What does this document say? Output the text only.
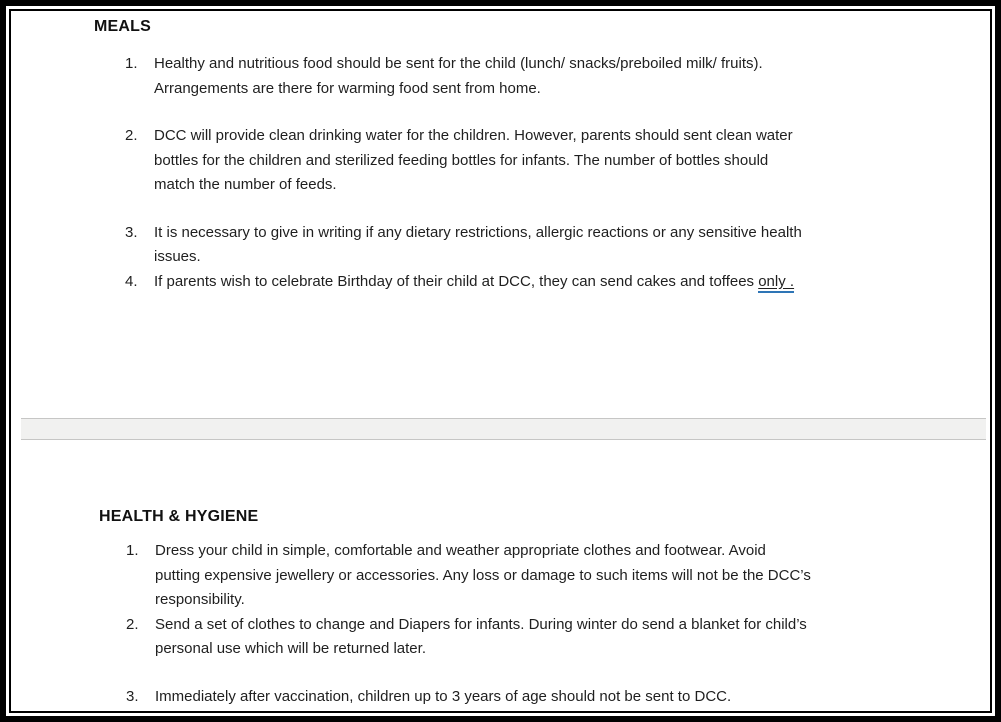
MEALS
1.	Healthy and nutritious food should be sent for the child (lunch/ snacks/preboiled milk/ fruits).
Arrangements are there for warming food sent from home.
2.	DCC will provide clean drinking water for the children. However, parents should sent clean water
bottles for the children and sterilized feeding bottles for infants. The number of bottles should
match the number of feeds.
3.	It is necessary to give in writing if any dietary restrictions, allergic reactions or any sensitive health
issues.
4.	If parents wish to celebrate Birthday of their child at DCC, they can send cakes and toffees only .
HEALTH & HYGIENE
1.	Dress your child in simple, comfortable and weather appropriate clothes and footwear. Avoid
putting expensive jewellery or accessories. Any loss or damage to such items will not be the DCC’s
responsibility.
2.	Send a set of clothes to change and Diapers for infants. During winter do send a blanket for child’s
personal use which will be returned later.
3.	Immediately after vaccination, children up to 3 years of age should not be sent to DCC.
